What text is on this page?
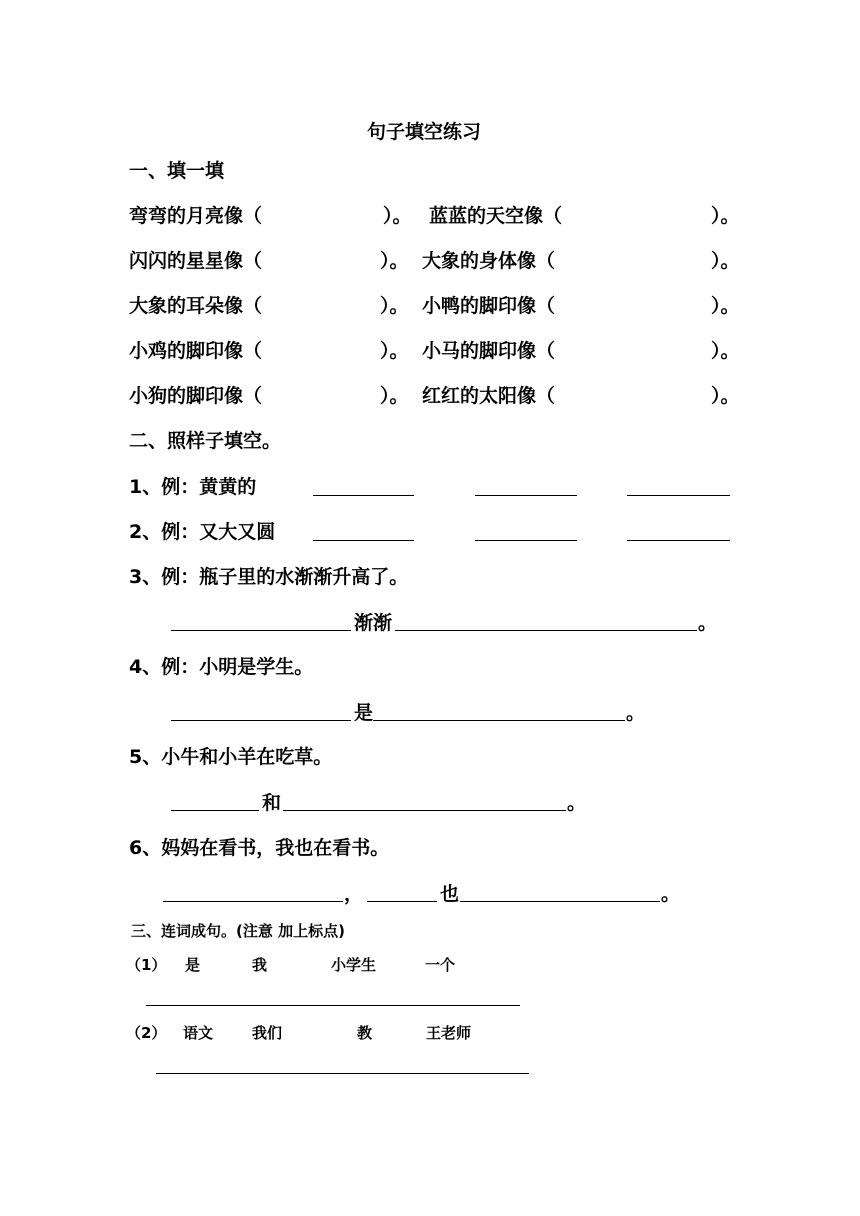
句子填空练习
一、填一填
弯弯的月亮像（	）。 蓝蓝的天空像（	）。
闪闪的星星像（	）。 大象的身体像（	）。
大象的耳朵像（	）。 小鸭的脚印像（	）。
小鸡的脚印像（	）。 小马的脚印像（	）。
小狗的脚印像（	）。 红红的太阳像（	）。
二、照样子填空。
1、例：黄黄的
2、例：又大又圆
3、例：瓶子里的水渐渐升高了。
渐渐	。
4、例：小明是学生。
是	。
5、小牛和小羊在吃草。
和	。
6、妈妈在看书，我也在看书。
，	也	。
三、连词成句。(注意 加上标点)
（1） 是	我	小学生	一个
（2） 语文	我们	教	王老师
